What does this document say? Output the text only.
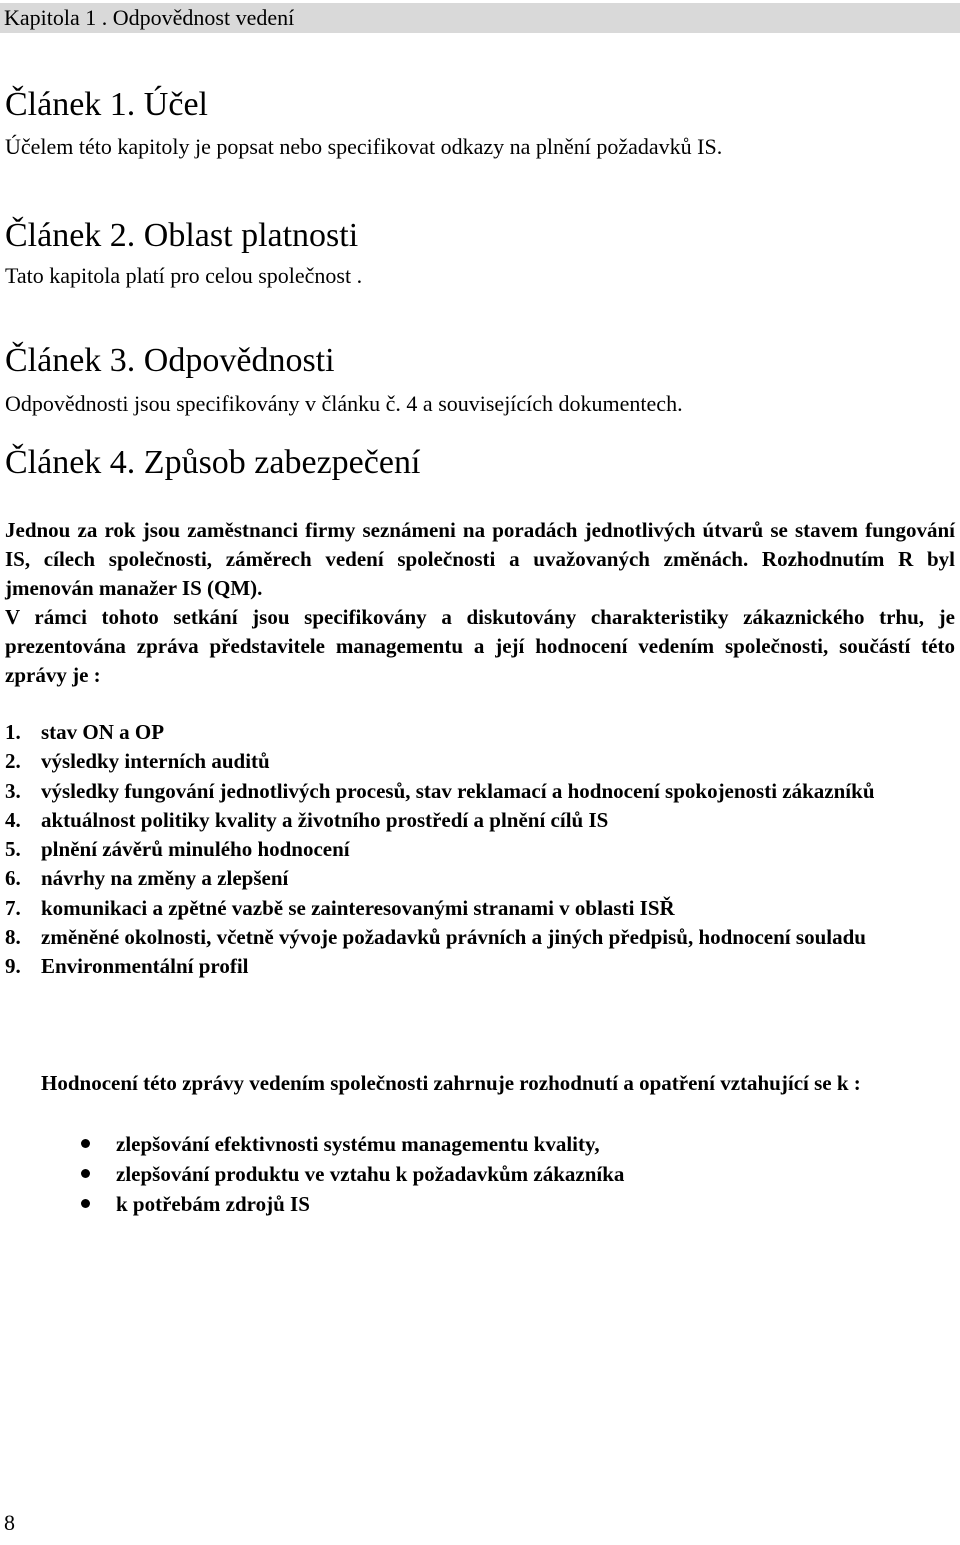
Kapitola 1 . Odpovědnost vedení
Článek 1. Účel
Účelem této kapitoly je popsat nebo specifikovat odkazy na plnění požadavků IS.
Článek 2. Oblast platnosti
Tato kapitola platí pro celou společnost .
Článek 3. Odpovědnosti
Odpovědnosti jsou specifikovány v článku č. 4 a souvisejících dokumentech.
Článek 4. Způsob zabezpečení
Jednou za rok jsou zaměstnanci firmy seznámeni na poradách jednotlivých útvarů se stavem fungování IS, cílech společnosti, záměrech vedení společnosti a uvažovaných změnách. Rozhodnutím R byl jmenován manažer IS (QM).
V rámci tohoto setkání jsou specifikovány a diskutovány charakteristiky zákaznického trhu, je prezentována zpráva představitele managementu a její hodnocení vedením společnosti, součástí této zprávy je :
1. stav ON a OP
2. výsledky interních auditů
3. výsledky fungování jednotlivých procesů, stav reklamací a hodnocení spokojenosti zákazníků
4. aktuálnost politiky kvality a životního prostředí a plnění cílů IS
5. plnění závěrů minulého hodnocení
6. návrhy na změny a zlepšení
7. komunikaci a zpětné vazbě se zainteresovanými stranami v oblasti ISŘ
8. změněné okolnosti, včetně vývoje požadavků právních a jiných předpisů, hodnocení souladu
9. Environmentální profil
Hodnocení této zprávy vedením společnosti zahrnuje rozhodnutí a opatření vztahující se k :
zlepšování efektivnosti systému managementu kvality,
zlepšování produktu ve vztahu k požadavkům zákazníka
k potřebám zdrojů IS
8
